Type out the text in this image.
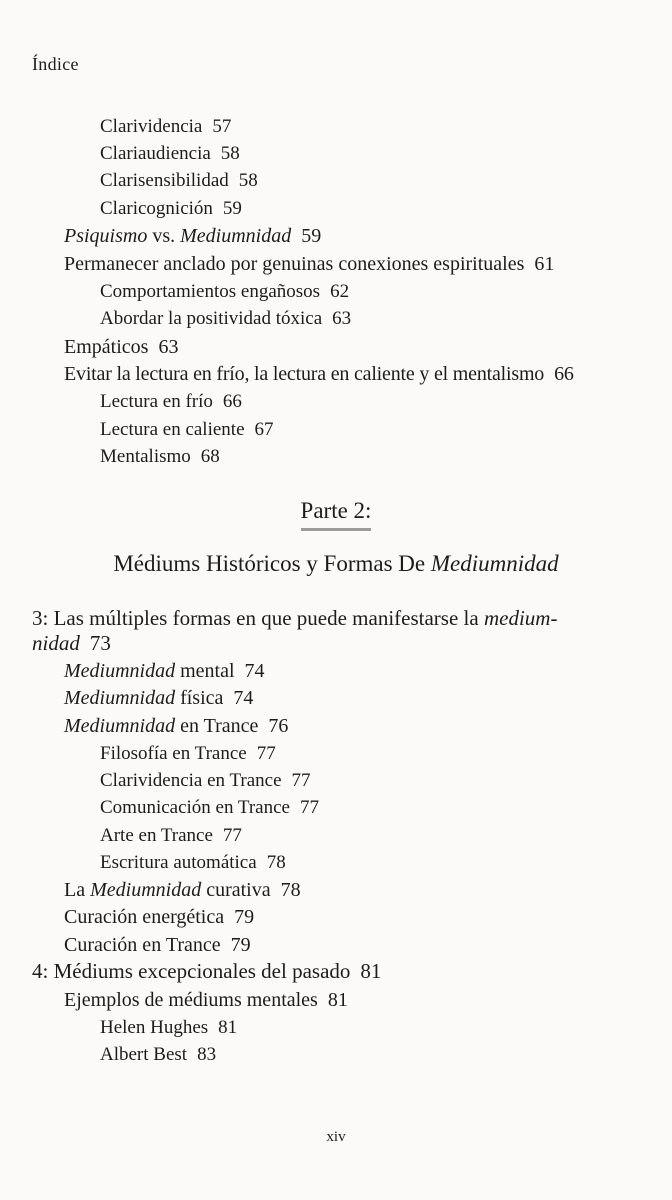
Índice
Clarividencia 57
Clariaudiencia 58
Clarisensibilidad 58
Claricognición 59
Psiquismo vs. Mediumnidad 59
Permanecer anclado por genuinas conexiones espirituales 61
Comportamientos engañosos 62
Abordar la positividad tóxica 63
Empáticos 63
Evitar la lectura en frío, la lectura en caliente y el mentalismo 66
Lectura en frío 66
Lectura en caliente 67
Mentalismo 68
Parte 2:
Médiums Históricos y Formas De Mediumnidad
3: Las múltiples formas en que puede manifestarse la medium-
nidad 73
Mediumnidad mental 74
Mediumnidad física 74
Mediumnidad en Trance 76
Filosofía en Trance 77
Clarividencia en Trance 77
Comunicación en Trance 77
Arte en Trance 77
Escritura automática 78
La Mediumnidad curativa 78
Curación energética 79
Curación en Trance 79
4: Médiums excepcionales del pasado 81
Ejemplos de médiums mentales 81
Helen Hughes 81
Albert Best 83
xiv
